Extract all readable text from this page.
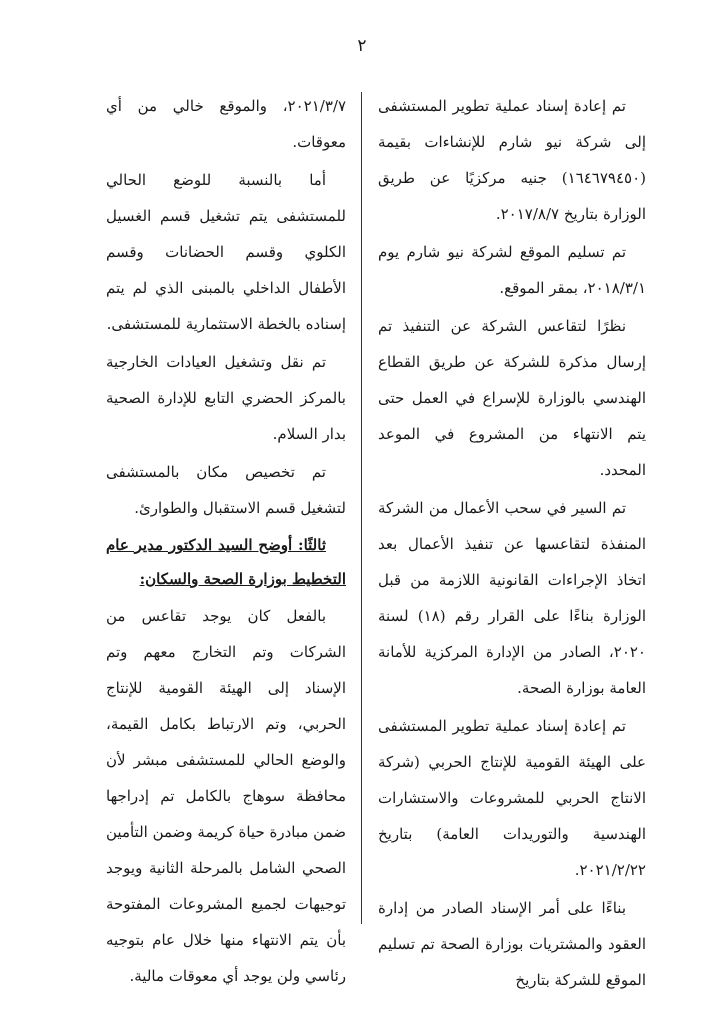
٢

تم إعادة إسناد عملية تطوير المستشفى إلى شركة نيو شارم للإنشاءات بقيمة (١٦٤٦٧٩٤٥٠) جنيه مركزيًا عن طريق الوزارة بتاريخ ٢٠١٧/٨/٧.

تم تسليم الموقع لشركة نيو شارم يوم ٢٠١٨/٣/١، بمقر الموقع.

نظرًا لتقاعس الشركة عن التنفيذ تم إرسال مذكرة للشركة عن طريق القطاع الهندسي بالوزارة للإسراع في العمل حتى يتم الانتهاء من المشروع في الموعد المحدد.

تم السير في سحب الأعمال من الشركة المنفذة لتقاعسها عن تنفيذ الأعمال بعد اتخاذ الإجراءات القانونية اللازمة من قبل الوزارة بناءًا على القرار رقم (١٨) لسنة ٢٠٢٠، الصادر من الإدارة المركزية للأمانة العامة بوزارة الصحة.

تم إعادة إسناد عملية تطوير المستشفى على الهيئة القومية للإنتاج الحربي (شركة الانتاج الحربي للمشروعات والاستشارات الهندسية والتوريدات العامة) بتاريخ ٢٠٢١/٢/٢٢.

بناءًا على أمر الإسناد الصادر من إدارة العقود والمشتريات بوزارة الصحة تم تسليم الموقع للشركة بتاريخ

٢٠٢١/٣/٧، والموقع خالي من أي معوقات.

أما بالنسبة للوضع الحالي للمستشفى يتم تشغيل قسم الغسيل الكلوي وقسم الحضانات وقسم الأطفال الداخلي بالمبنى الذي لم يتم إسناده بالخطة الاستثمارية للمستشفى.

تم نقل وتشغيل العيادات الخارجية بالمركز الحضري التابع للإدارة الصحية بدار السلام.

تم تخصيص مكان بالمستشفى لتشغيل قسم الاستقبال والطوارئ.

ثالثًا: أوضح السيد الدكتور مدير عام التخطيط بوزارة الصحة والسكان:

بالفعل كان يوجد تقاعس من الشركات وتم التخارج معهم وتم الإسناد إلى الهيئة القومية للإنتاج الحربي، وتم الارتباط بكامل القيمة، والوضع الحالي للمستشفى مبشر لأن محافظة سوهاج بالكامل تم إدراجها ضمن مبادرة حياة كريمة وضمن التأمين الصحي الشامل بالمرحلة الثانية ويوجد توجيهات لجميع المشروعات المفتوحة بأن يتم الانتهاء منها خلال عام بتوجيه رئاسي ولن يوجد أي معوقات مالية.
